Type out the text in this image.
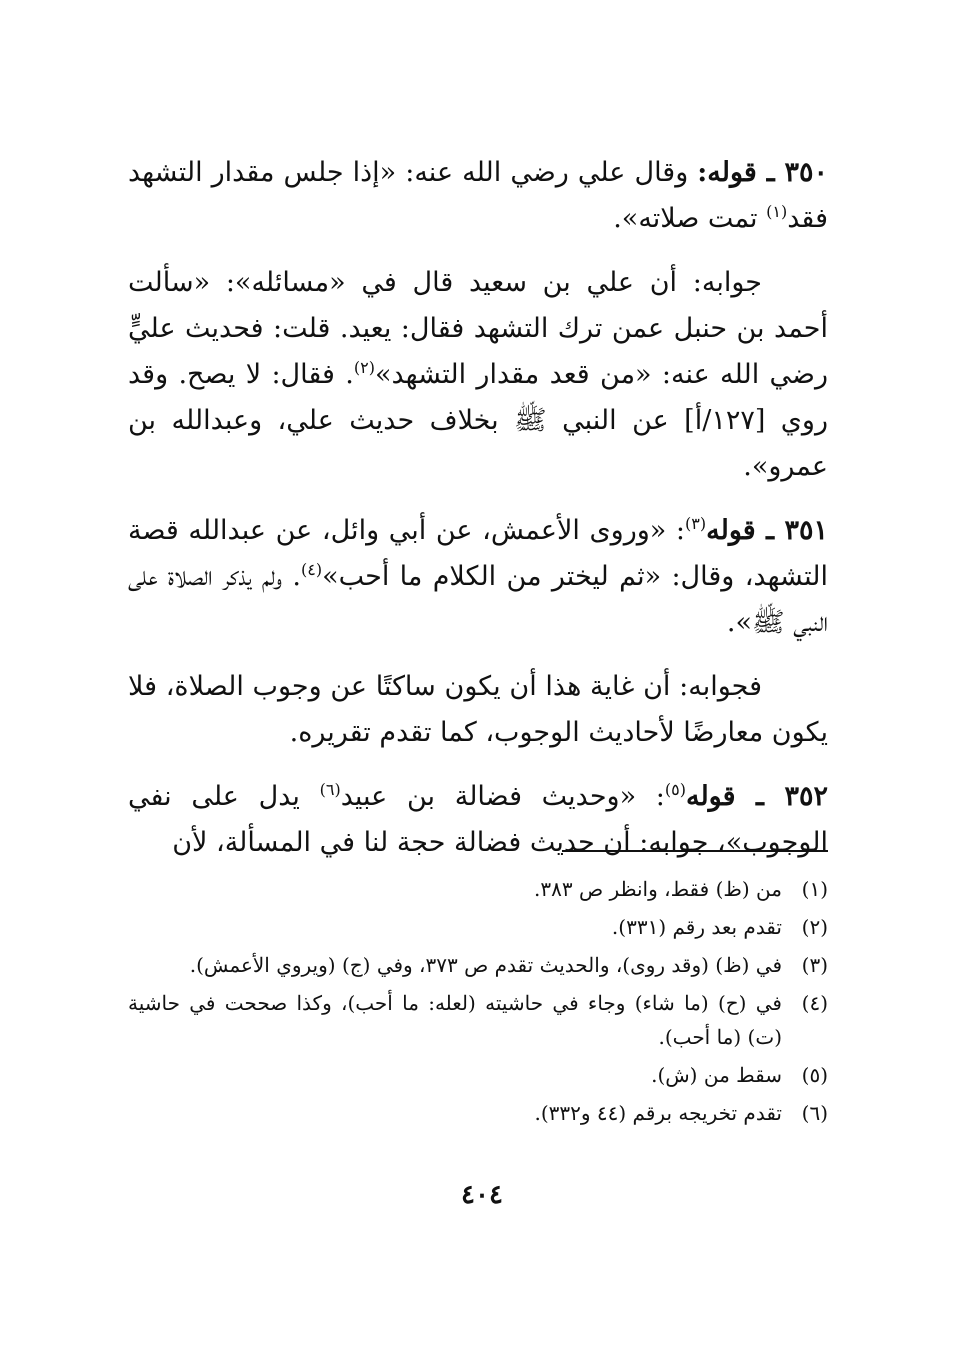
٣٥٠ ـ قوله: وقال علي رضي الله عنه: «إذا جلس مقدار التشهد فقد$^{(١)}$ تمت صلاته».

جوابه: أن علي بن سعيد قال في «مسائله»: «سألت أحمد بن حنبل عمن ترك التشهد فقال: يعيد. قلت: فحديث عليٍّ رضي الله عنه: «من قعد مقدار التشهد»$^{(٢)}$. فقال: لا يصح. وقد روي [١٢٧/أ] عن النبي ﷺ بخلاف حديث علي، وعبدالله بن عمرو».

٣٥١ ـ قوله$^{(٣)}$: «وروى الأعمش، عن أبي وائل، عن عبدالله قصة التشهد، وقال: «ثم ليختر من الكلام ما أحب»$^{(٤)}$. ولم يذكر الصلاة على النبي ﷺ».

فجوابه: أن غاية هذا أن يكون ساكتًا عن وجوب الصلاة، فلا يكون معارضًا لأحاديث الوجوب، كما تقدم تقريره.

٣٥٢ ـ قوله$^{(٥)}$: «وحديث فضالة بن عبيد$^{(٦)}$ يدل على نفي الوجوب»، جوابه: أن حديث فضالة حجة لنا في المسألة، لأن

(١)
من (ظ) فقط، وانظر ص ٣٨٣.
(٢)
تقدم بعد رقم (٣٣١).
(٣)
في (ظ) (وقد روى)، والحديث تقدم ص ٣٧٣، وفي (ج) (ويروي الأعمش).
(٤)
في (ح) (ما شاء) وجاء في حاشيته (لعله: ما أحب)، وكذا صححت في حاشية (ت) (ما أحب).
(٥)
سقط من (ش).
(٦)
تقدم تخريجه برقم (٤٤ و٣٣٢).
٤٠٤
